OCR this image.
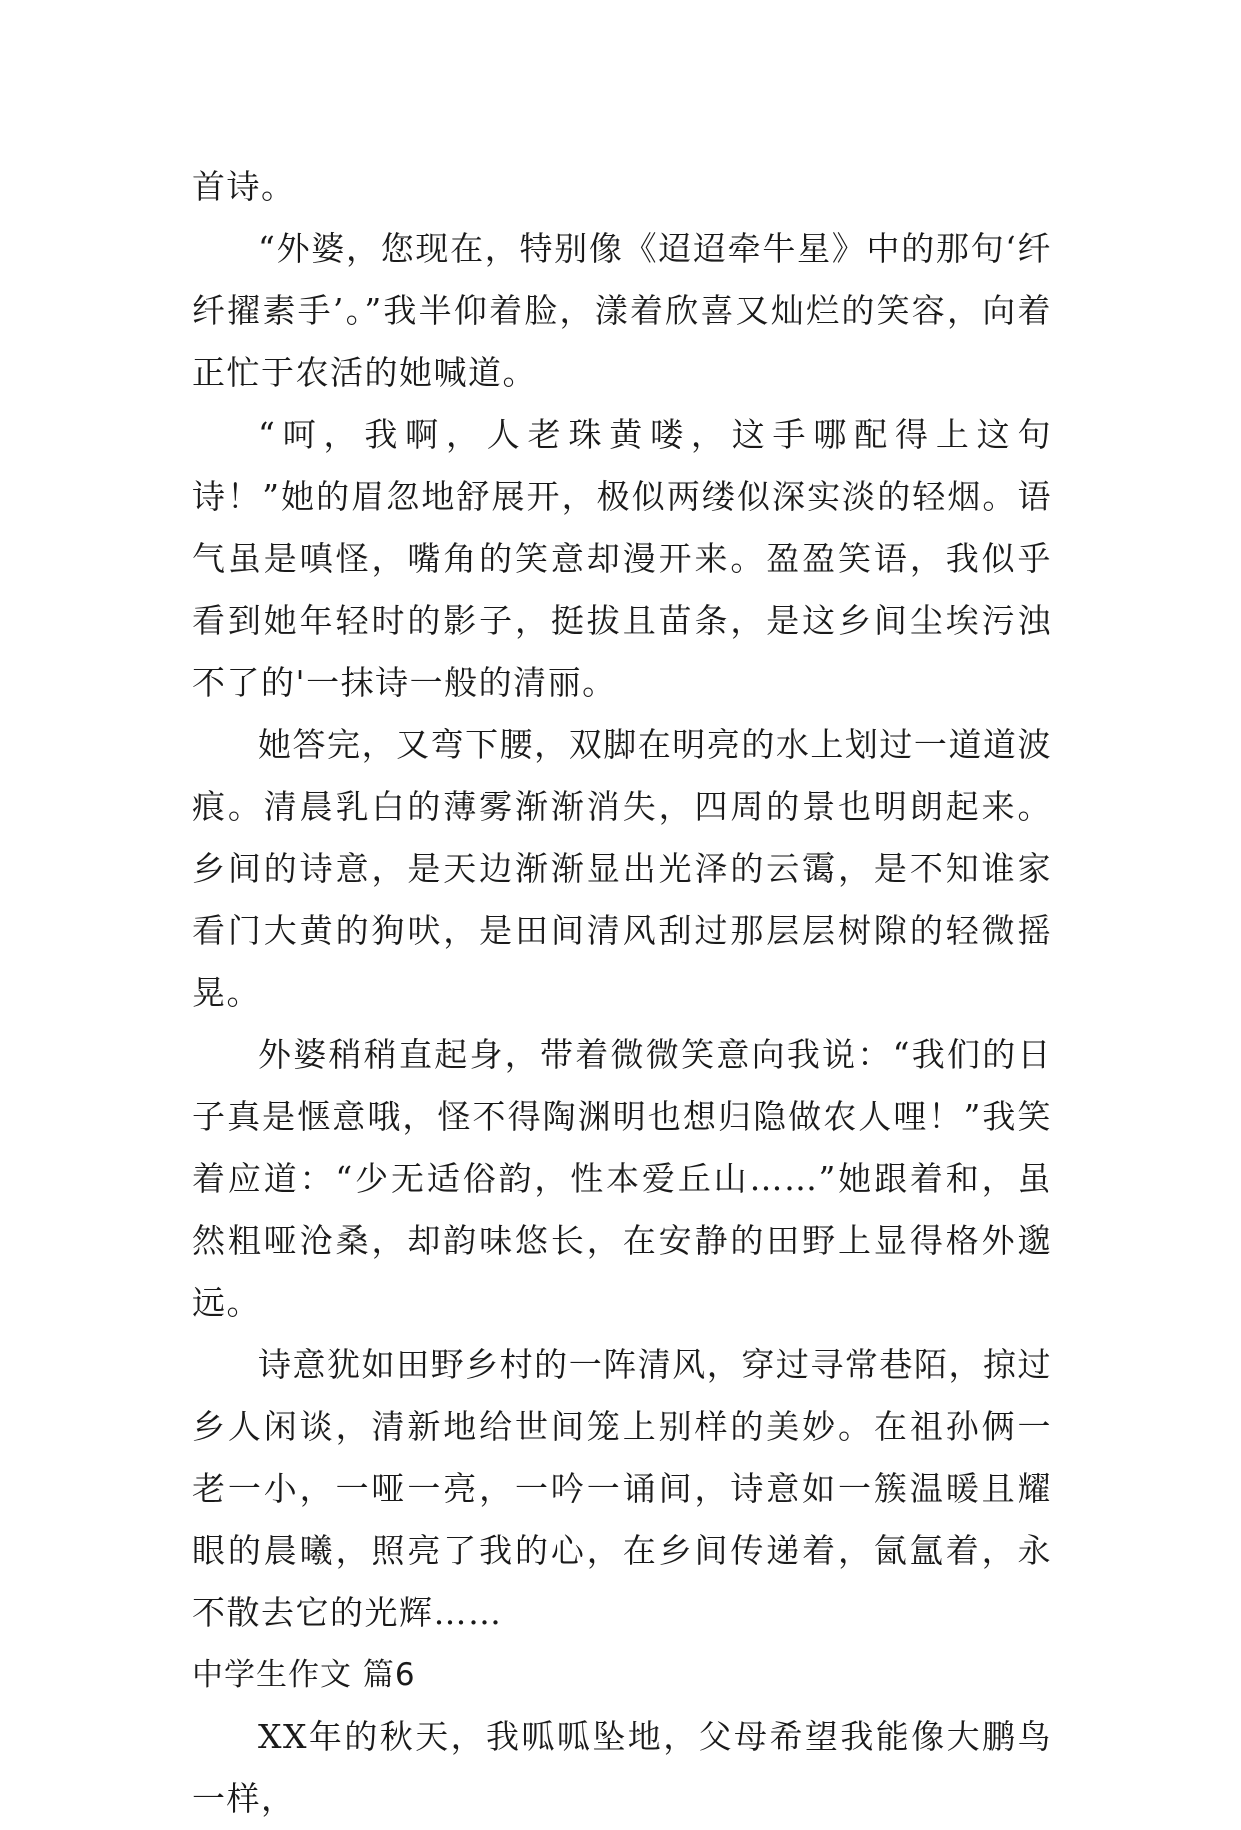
首诗。

“外婆，您现在，特别像《迢迢牵牛星》中的那句‘纤纤擢素手’。”我半仰着脸，漾着欣喜又灿烂的笑容，向着正忙于农活的她喊道。

“呵，我啊，人老珠黄喽，这手哪配得上这句诗！”她的眉忽地舒展开，极似两缕似深实淡的轻烟。语气虽是嗔怪，嘴角的笑意却漫开来。盈盈笑语，我似乎看到她年轻时的影子，挺拔且苗条，是这乡间尘埃污浊不了的'一抹诗一般的清丽。

她答完，又弯下腰，双脚在明亮的水上划过一道道波痕。清晨乳白的薄雾渐渐消失，四周的景也明朗起来。乡间的诗意，是天边渐渐显出光泽的云霭，是不知谁家看门大黄的狗吠，是田间清风刮过那层层树隙的轻微摇晃。

外婆稍稍直起身，带着微微笑意向我说：“我们的日子真是惬意哦，怪不得陶渊明也想归隐做农人哩！”我笑着应道：“少无适俗韵，性本爱丘山……”她跟着和，虽然粗哑沧桑，却韵味悠长，在安静的田野上显得格外邈远。

诗意犹如田野乡村的一阵清风，穿过寻常巷陌，掠过乡人闲谈，清新地给世间笼上别样的美妙。在祖孙俩一老一小，一哑一亮，一吟一诵间，诗意如一簇温暖且耀眼的晨曦，照亮了我的心，在乡间传递着，氤氲着，永不散去它的光辉……

中学生作文 篇6

XX年的秋天，我呱呱坠地，父母希望我能像大鹏鸟一样，
